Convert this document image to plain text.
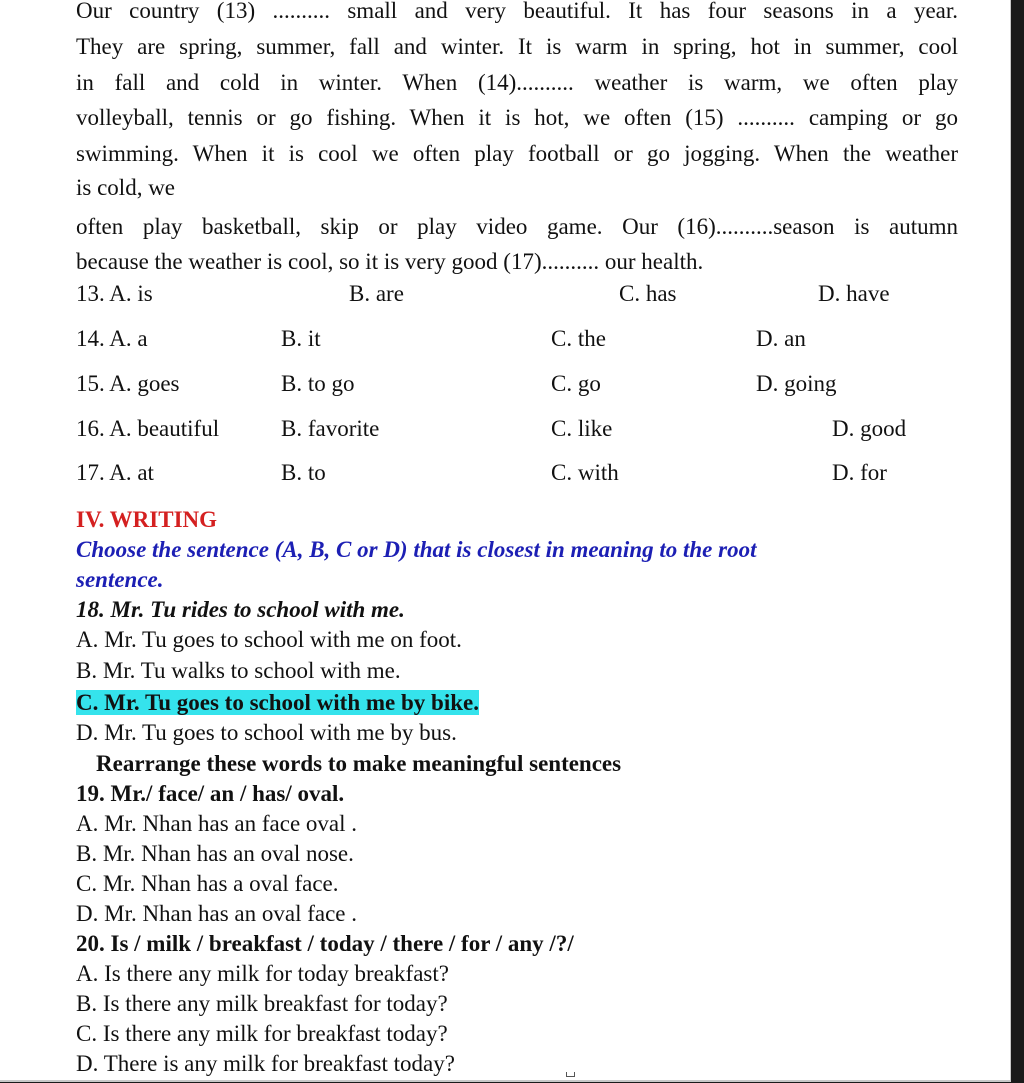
Our country (13) .......... small and very beautiful. It has four seasons in a year.
They are spring, summer, fall and winter. It is warm in spring, hot in summer, cool
in fall and cold in winter. When (14).......... weather is warm, we often play
volleyball, tennis or go fishing. When it is hot, we often (15) .......... camping or go
swimming. When it is cool we often play football or go jogging. When the weather
is cold, we
often play basketball, skip or play video game. Our (16)..........season is autumn
because the weather is cool, so it is very good (17).......... our health.
13. A. is	B. are	C. has	D. have
14. A. a	B. it	C. the	D. an
15. A. goes	B. to go	C. go	D. going
16. A. beautiful	B. favorite	C. like	D. good
17. A. at	B. to	C. with	D. for
IV. WRITING
Choose the sentence (A, B, C or D) that is closest in meaning to the root
sentence.
18. Mr. Tu rides to school with me.
A. Mr. Tu goes to school with me on foot.
B. Mr. Tu walks to school with me.
C. Mr. Tu goes to school with me by bike.
D. Mr. Tu goes to school with me by bus.
Rearrange these words to make meaningful sentences
19. Mr./ face/ an / has/ oval.
A. Mr. Nhan has an face oval .
B. Mr. Nhan has an oval nose.
C. Mr. Nhan has a oval face.
D. Mr. Nhan has an oval face .
20. Is / milk / breakfast / today / there / for / any /?/
A. Is there any milk for today breakfast?
B. Is there any milk breakfast for today?
C. Is there any milk for breakfast today?
D. There is any milk for breakfast today?
